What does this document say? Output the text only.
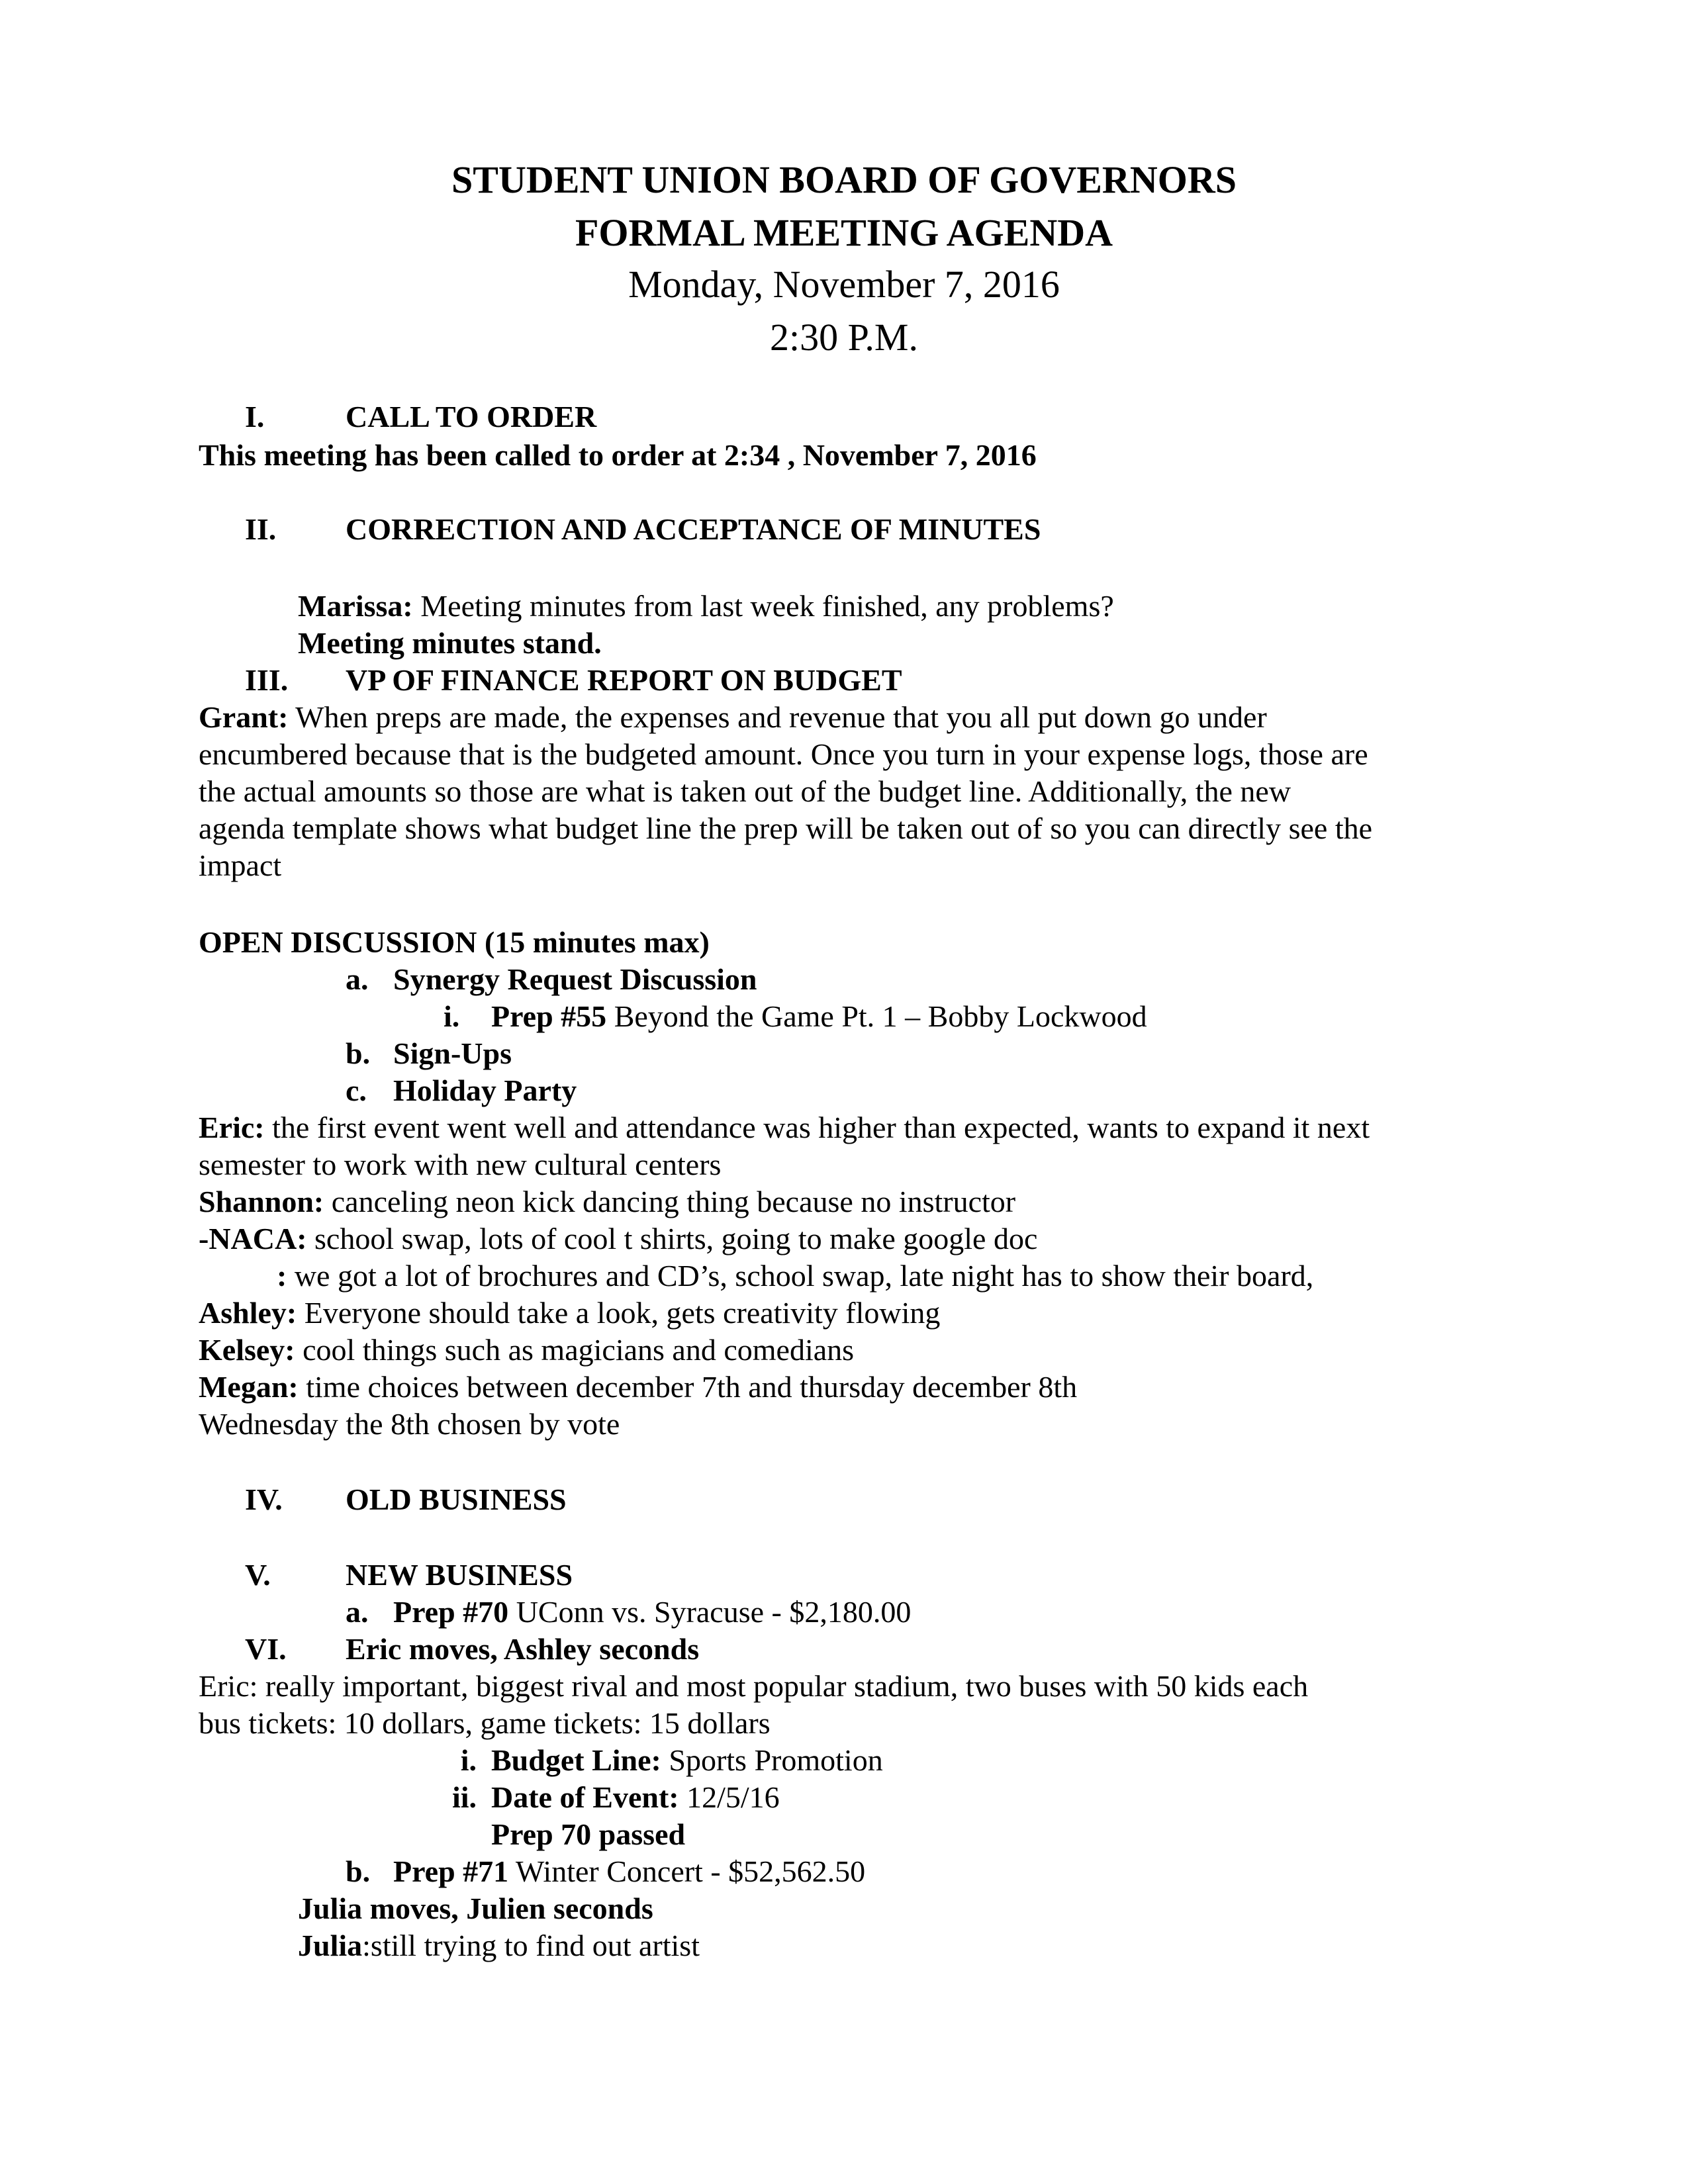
STUDENT UNION BOARD OF GOVERNORS
FORMAL MEETING AGENDA
Monday, November 7, 2016
2:30 P.M.
I.	CALL TO ORDER
This meeting has been called to order at 2:34 , November 7, 2016
II. CORRECTION AND ACCEPTANCE OF MINUTES
Marissa: Meeting minutes from last week finished, any problems?
Meeting minutes stand.
III. VP OF FINANCE REPORT ON BUDGET
Grant: When preps are made, the expenses and revenue that you all put down go under
encumbered because that is the budgeted amount. Once you turn in your expense logs, those are
the actual amounts so those are what is taken out of the budget line. Additionally, the new
agenda template shows what budget line the prep will be taken out of so you can directly see the
impact
OPEN DISCUSSION (15 minutes max)
a. Synergy Request Discussion
i. Prep #55 Beyond the Game Pt. 1 – Bobby Lockwood
b. Sign-Ups
c. Holiday Party
Eric: the first event went well and attendance was higher than expected, wants to expand it next
semester to work with new cultural centers
Shannon: canceling neon kick dancing thing because no instructor
-NACA: school swap, lots of cool t shirts, going to make google doc
: we got a lot of brochures and CD’s, school swap, late night has to show their board,
Ashley: Everyone should take a look, gets creativity flowing
Kelsey: cool things such as magicians and comedians
Megan: time choices between december 7th and thursday december 8th
Wednesday the 8th chosen by vote
IV. OLD BUSINESS
V. NEW BUSINESS
a. Prep #70 UConn vs. Syracuse - $2,180.00
VI. Eric moves, Ashley seconds
Eric: really important, biggest rival and most popular stadium, two buses with 50 kids each
bus tickets: 10 dollars, game tickets: 15 dollars
i. Budget Line: Sports Promotion
ii. Date of Event: 12/5/16
Prep 70 passed
b. Prep #71 Winter Concert - $52,562.50
Julia moves, Julien seconds
Julia:still trying to find out artist
